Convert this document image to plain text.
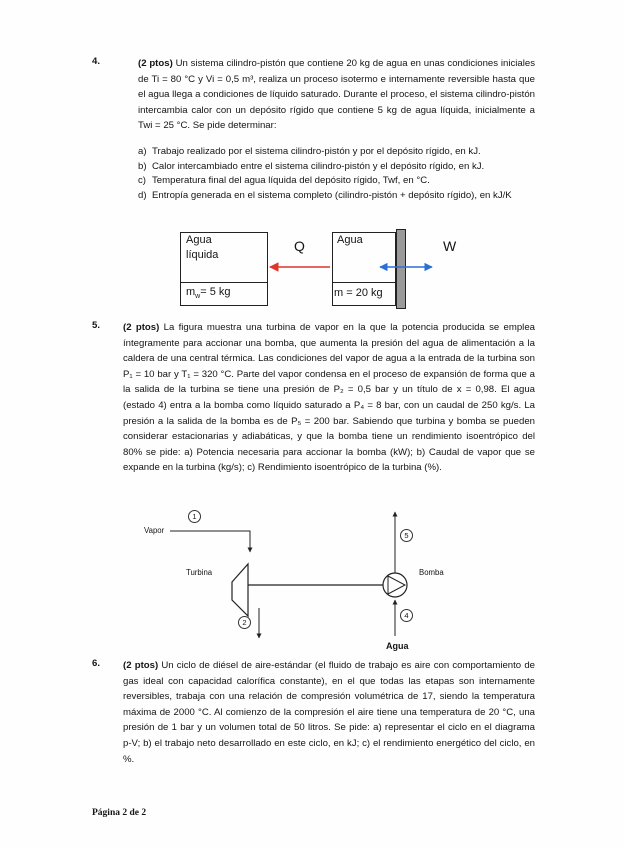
4.	(2 ptos) Un sistema cilindro-pistón que contiene 20 kg de agua en unas condiciones iniciales de Ti = 80 °C y Vi = 0,5 m³, realiza un proceso isotermo e internamente reversible hasta que el agua llega a condiciones de líquido saturado. Durante el proceso, el sistema cilindro-pistón intercambia calor con un depósito rígido que contiene 5 kg de agua líquida, inicialmente a Twi = 25 °C. Se pide determinar:
a) Trabajo realizado por el sistema cilindro-pistón y por el depósito rígido, en kJ.
b) Calor intercambiado entre el sistema cilindro-pistón y el depósito rígido, en kJ.
c) Temperatura final del agua líquida del depósito rígido, Twf, en °C.
d) Entropía generada en el sistema completo (cilindro-pistón + depósito rígido), en kJ/K
Agua
líquida
$m_w= 5$ kg
Q	Agua
m = 20 kg
W
5. (2 ptos) La figura muestra una turbina de vapor en la que la potencia producida se emplea íntegramente para accionar una bomba, que aumenta la presión del agua de alimentación a la caldera de una central térmica. Las condiciones del vapor de agua a la entrada de la turbina son P₁ = 10 bar y T₁ = 320 °C. Parte del vapor condensa en el proceso de expansión de forma que a la salida de la turbina se tiene una presión de P₂ = 0,5 bar y un título de x = 0,98. El agua (estado 4) entra a la bomba como líquido saturado a P₄ = 8 bar, con un caudal de 250 kg/s. La presión a la salida de la bomba es de P₅ = 200 bar. Sabiendo que turbina y bomba se pueden considerar estacionarias y adiabáticas, y que la bomba tiene un rendimiento isoentrópico del 80% se pide: a) Potencia necesaria para accionar la bomba (kW); b) Caudal de vapor que se expande en la turbina (kg/s); c) Rendimiento isoentrópico de la turbina (%).
Vapor
Turbina	Bomba
Agua
1
2
4
5
6. (2 ptos) Un ciclo de diésel de aire-estándar (el fluido de trabajo es aire con comportamiento de gas ideal con capacidad calorífica constante), en el que todas las etapas son internamente reversibles, trabaja con una relación de compresión volumétrica de 17, siendo la temperatura máxima de 2000 °C. Al comienzo de la compresión el aire tiene una temperatura de 20 °C, una presión de 1 bar y un volumen total de 50 litros. Se pide: a) representar el ciclo en el diagrama p-V; b) el trabajo neto desarrollado en este ciclo, en kJ; c) el rendimiento energético del ciclo, en %.
Página 2 de 2
